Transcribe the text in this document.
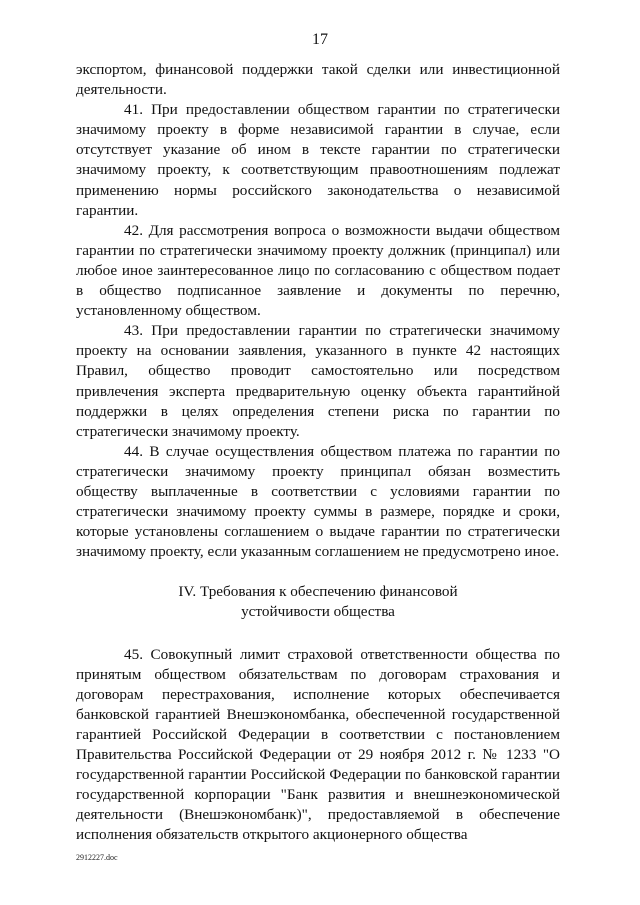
17

экспортом, финансовой поддержки такой сделки или инвестиционной деятельности.

41. При предоставлении обществом гарантии по стратегически значимому проекту в форме независимой гарантии в случае, если отсутствует указание об ином в тексте гарантии по стратегически значимому проекту, к соответствующим правоотношениям подлежат применению нормы российского законодательства о независимой гарантии.

42. Для рассмотрения вопроса о возможности выдачи обществом гарантии по стратегически значимому проекту должник (принципал) или любое иное заинтересованное лицо по согласованию с обществом подает в общество подписанное заявление и документы по перечню, установленному обществом.

43. При предоставлении гарантии по стратегически значимому проекту на основании заявления, указанного в пункте 42 настоящих Правил, общество проводит самостоятельно или посредством привлечения эксперта предварительную оценку объекта гарантийной поддержки в целях определения степени риска по гарантии по стратегически значимому проекту.

44. В случае осуществления обществом платежа по гарантии по стратегически значимому проекту принципал обязан возместить обществу выплаченные в соответствии с условиями гарантии по стратегически значимому проекту суммы в размере, порядке и сроки, которые установлены соглашением о выдаче гарантии по стратегически значимому проекту, если указанным соглашением не предусмотрено иное.

IV. Требования к обеспечению финансовой
устойчивости общества

45. Совокупный лимит страховой ответственности общества по принятым обществом обязательствам по договорам страхования и договорам перестрахования, исполнение которых обеспечивается банковской гарантией Внешэкономбанка, обеспеченной государственной гарантией Российской Федерации в соответствии с постановлением Правительства Российской Федерации от 29 ноября 2012 г. № 1233 "О государственной гарантии Российской Федерации по банковской гарантии государственной корпорации "Банк развития и внешнеэкономической деятельности (Внешэкономбанк)", предоставляемой в обеспечение исполнения обязательств открытого акционерного общества

2912227.doc
